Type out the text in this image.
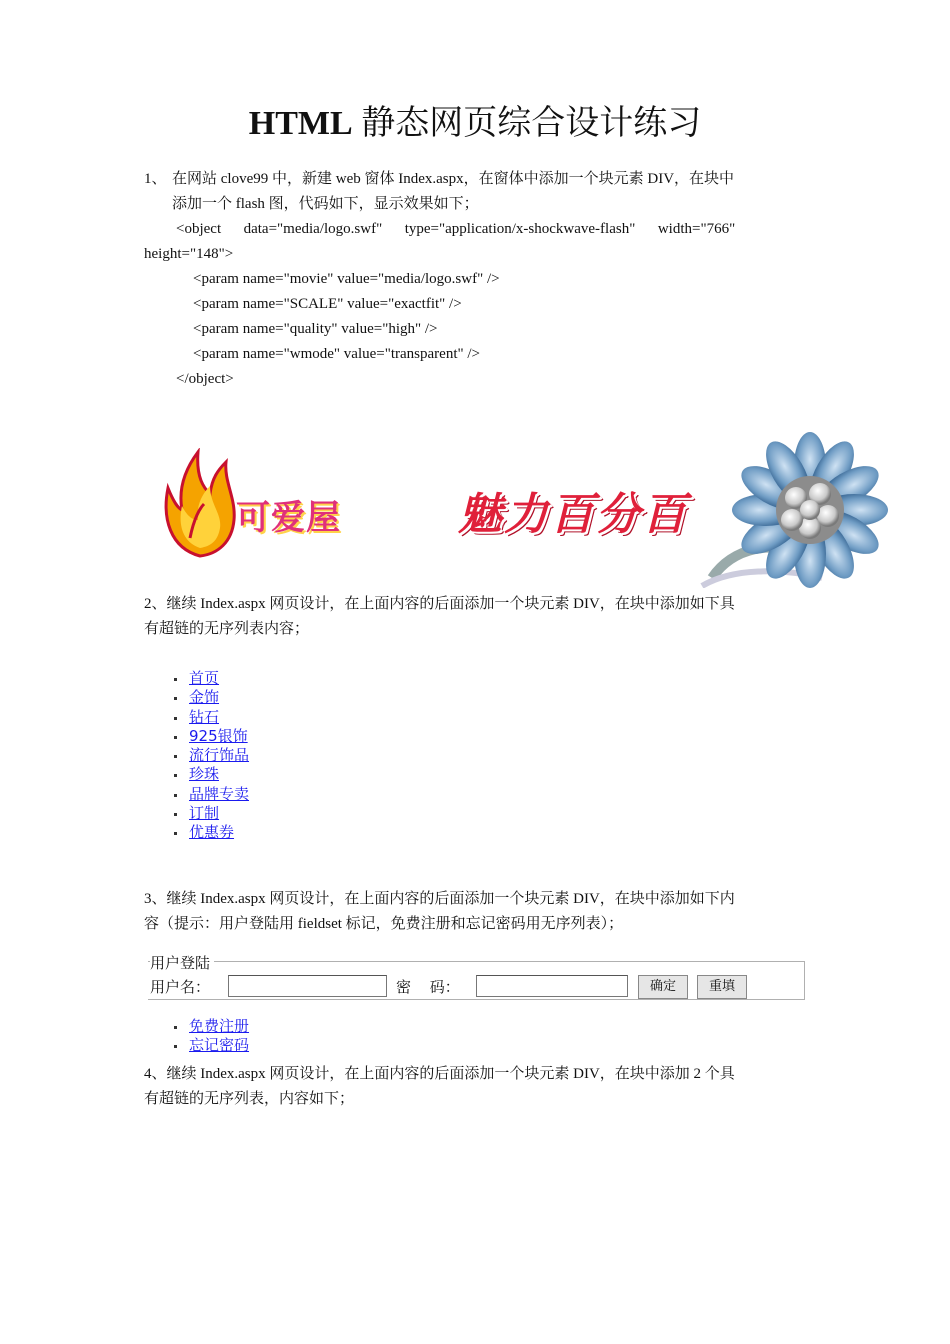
HTML 静态网页综合设计练习
1、 在网站 clove99 中，新建 web 窗体 Index.aspx，在窗体中添加一个块元素 DIV，在块中
添加一个 flash 图，代码如下，显示效果如下；
<object      data="media/logo.swf"      type="application/x-shockwave-flash"      width="766"
height="148">
<param name="movie" value="media/logo.swf" />
<param name="SCALE" value="exactfit" />
<param name="quality" value="high" />
<param name="wmode" value="transparent" />
</object>
可爱屋	魅力百分百
2、继续 Index.aspx 网页设计，在上面内容的后面添加一个块元素 DIV，在块中添加如下具
有超链的无序列表内容；
首页
金饰
钻石
925银饰
流行饰品
珍珠
品牌专卖
订制
优惠券
3、继续 Index.aspx 网页设计，在上面内容的后面添加一个块元素 DIV，在块中添加如下内
容（提示：用户登陆用 fieldset 标记，免费注册和忘记密码用无序列表）；
用户登陆
用户名：	密 码：	确定	重填
免费注册
忘记密码
4、继续 Index.aspx 网页设计，在上面内容的后面添加一个块元素 DIV，在块中添加 2 个具
有超链的无序列表，内容如下；
